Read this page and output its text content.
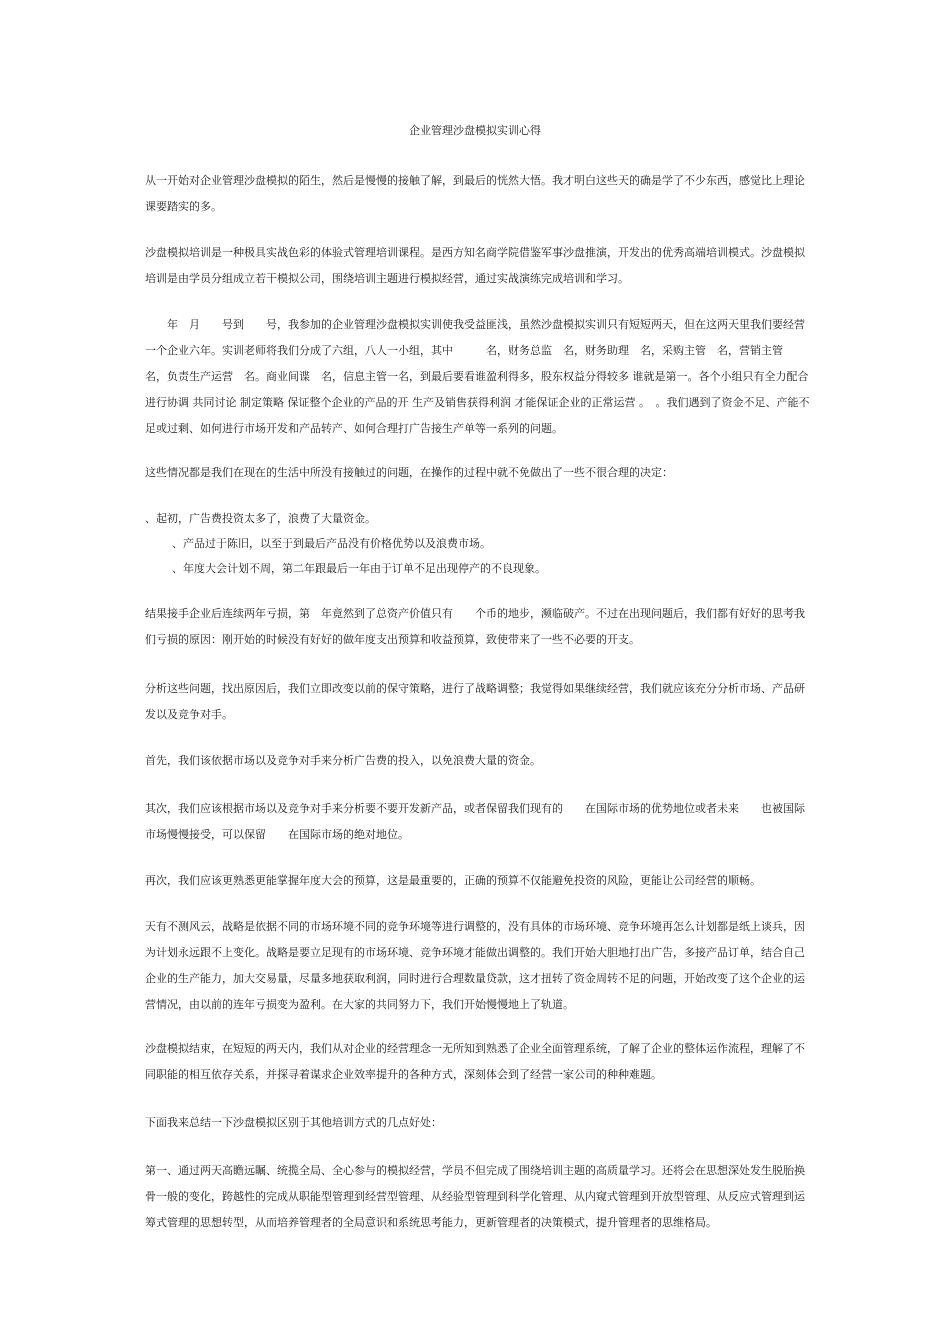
企业管理沙盘模拟实训心得
从一开始对企业管理沙盘模拟的陌生，然后是慢慢的接触了解，到最后的恍然大悟。我才明白这些天的确是学了不少东西，感觉比上理论课要踏实的多。
沙盘模拟培训是一种极具实战色彩的体验式管理培训课程。是西方知名商学院借鉴军事沙盘推演，开发出的优秀高端培训模式。沙盘模拟培训是由学员分组成立若干模拟公司，围绕培训主题进行模拟经营，通过实战演练完成培训和学习。
　　年　月　　号到　　号，我参加的企业管理沙盘模拟实训使我受益匪浅，虽然沙盘模拟实训只有短短两天，但在这两天里我们要经营一个企业六年。实训老师将我们分成了六组，八人一小组，其中　　　名，财务总监　名，财务助理　名，采购主管　名，营销主管　名，负责生产运营　名。商业间谍　名，信息主管一名，到最后要看谁盈利得多，股东权益分得较多 谁就是第一。各个小组只有全力配合 进行协调 共同讨论 制定策略 保证整个企业的产品的开 生产及销售获得利润 才能保证企业的正常运营 。　。我们遇到了资金不足、产能不足或过剩、如何进行市场开发和产品转产、如何合理打广告接生产单等一系列的问题。
这些情况都是我们在现在的生活中所没有接触过的问题，在操作的过程中就不免做出了一些不很合理的决定：
、起初，广告费投资太多了，浪费了大量资金。
、产品过于陈旧，以至于到最后产品没有价格优势以及浪费市场。
、年度大会计划不周，第二年跟最后一年由于订单不足出现停产的不良现象。
结果接手企业后连续两年亏损，第　年竟然到了总资产价值只有　　个币的地步，濒临破产。不过在出现问题后，我们都有好好的思考我们亏损的原因：刚开始的时候没有好好的做年度支出预算和收益预算，致使带来了一些不必要的开支。
分析这些问题，找出原因后，我们立即改变以前的保守策略，进行了战略调整；我觉得如果继续经营，我们就应该充分分析市场、产品研发以及竞争对手。
首先，我们该依据市场以及竞争对手来分析广告费的投入，以免浪费大量的资金。
其次，我们应该根据市场以及竞争对手来分析要不要开发新产品，或者保留我们现有的　　在国际市场的优势地位或者未来　　也被国际市场慢慢接受，可以保留　　在国际市场的绝对地位。
再次，我们应该更熟悉更能掌握年度大会的预算，这是最重要的，正确的预算不仅能避免投资的风险，更能让公司经营的顺畅。
天有不测风云，战略是依据不同的市场环境不同的竞争环境等进行调整的，没有具体的市场环境、竞争环境再怎么计划都是纸上谈兵，因为计划永远跟不上变化。战略是要立足现有的市场环境、竞争环境才能做出调整的。我们开始大胆地打出广告，多接产品订单，结合自己企业的生产能力，加大交易量，尽量多地获取利润，同时进行合理数量贷款，这才扭转了资金周转不足的问题，开始改变了这个企业的运营情况，由以前的连年亏损变为盈利。在大家的共同努力下，我们开始慢慢地上了轨道。
沙盘模拟结束，在短短的两天内，我们从对企业的经营理念一无所知到熟悉了企业全面管理系统，了解了企业的整体运作流程，理解了不同职能的相互依存关系，并探寻着谋求企业效率提升的各种方式，深刻体会到了经营一家公司的种种难题。
下面我来总结一下沙盘模拟区别于其他培训方式的几点好处：
第一、通过两天高瞻远瞩、统揽全局、全心参与的模拟经营，学员不但完成了围绕培训主题的高质量学习。还将会在思想深处发生脱胎换骨一般的变化，跨越性的完成从职能型管理到经营型管理、从经验型管理到科学化管理、从内窥式管理到开放型管理、从反应式管理到运筹式管理的思想转型，从而培养管理者的全局意识和系统思考能力，更新管理者的决策模式，提升管理者的思维格局。
